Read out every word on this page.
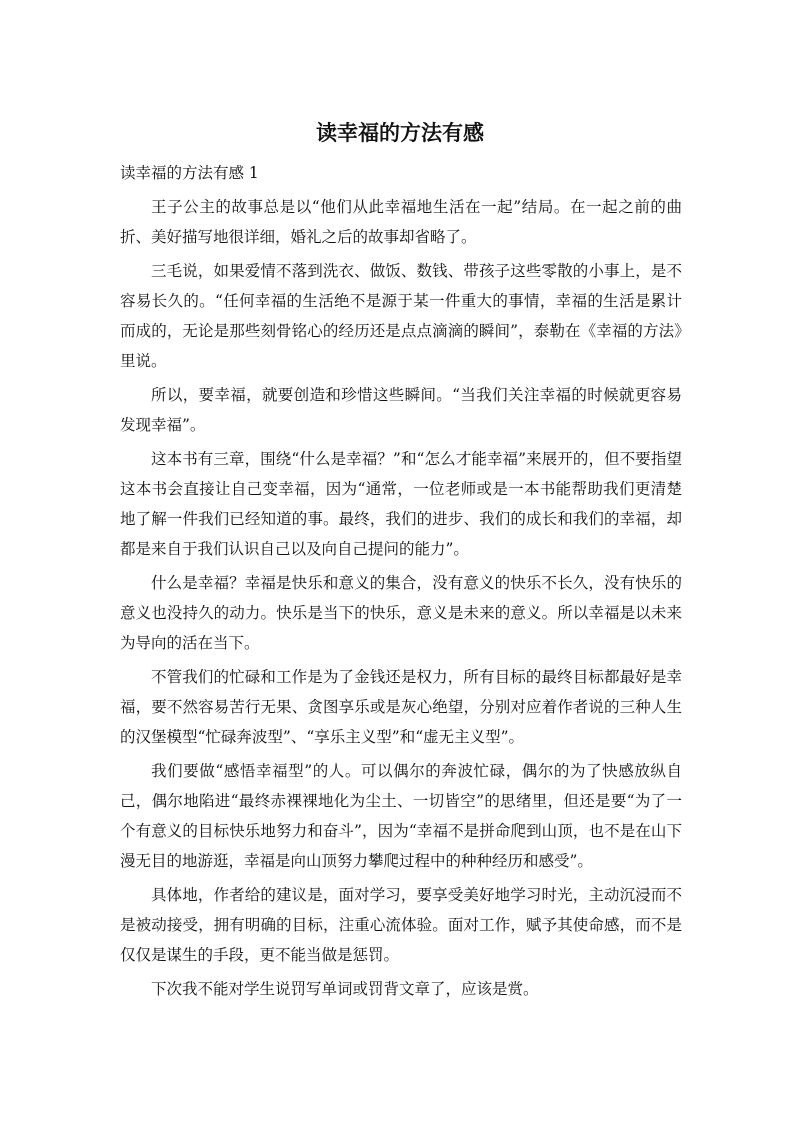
读幸福的方法有感
读幸福的方法有感 1

王子公主的故事总是以“他们从此幸福地生活在一起”结局。在一起之前的曲折、美好描写地很详细，婚礼之后的故事却省略了。

三毛说，如果爱情不落到洗衣、做饭、数钱、带孩子这些零散的小事上，是不容易长久的。“任何幸福的生活绝不是源于某一件重大的事情，幸福的生活是累计而成的，无论是那些刻骨铭心的经历还是点点滴滴的瞬间”，泰勒在《幸福的方法》里说。

所以，要幸福，就要创造和珍惜这些瞬间。“当我们关注幸福的时候就更容易发现幸福”。

这本书有三章，围绕“什么是幸福？”和“怎么才能幸福”来展开的，但不要指望这本书会直接让自己变幸福，因为“通常，一位老师或是一本书能帮助我们更清楚地了解一件我们已经知道的事。最终，我们的进步、我们的成长和我们的幸福，却都是来自于我们认识自己以及向自己提问的能力”。

什么是幸福？幸福是快乐和意义的集合，没有意义的快乐不长久，没有快乐的意义也没持久的动力。快乐是当下的快乐，意义是未来的意义。所以幸福是以未来为导向的活在当下。

不管我们的忙碌和工作是为了金钱还是权力，所有目标的最终目标都最好是幸福，要不然容易苦行无果、贪图享乐或是灰心绝望，分别对应着作者说的三种人生的汉堡模型“忙碌奔波型”、“享乐主义型”和“虚无主义型”。

我们要做“感悟幸福型”的人。可以偶尔的奔波忙碌，偶尔的为了快感放纵自己，偶尔地陷进“最终赤裸裸地化为尘土、一切皆空”的思绪里，但还是要“为了一个有意义的目标快乐地努力和奋斗”，因为“幸福不是拼命爬到山顶，也不是在山下漫无目的地游逛，幸福是向山顶努力攀爬过程中的种种经历和感受”。

具体地，作者给的建议是，面对学习，要享受美好地学习时光，主动沉浸而不是被动接受，拥有明确的目标，注重心流体验。面对工作，赋予其使命感，而不是仅仅是谋生的手段，更不能当做是惩罚。

下次我不能对学生说罚写单词或罚背文章了，应该是赏。
